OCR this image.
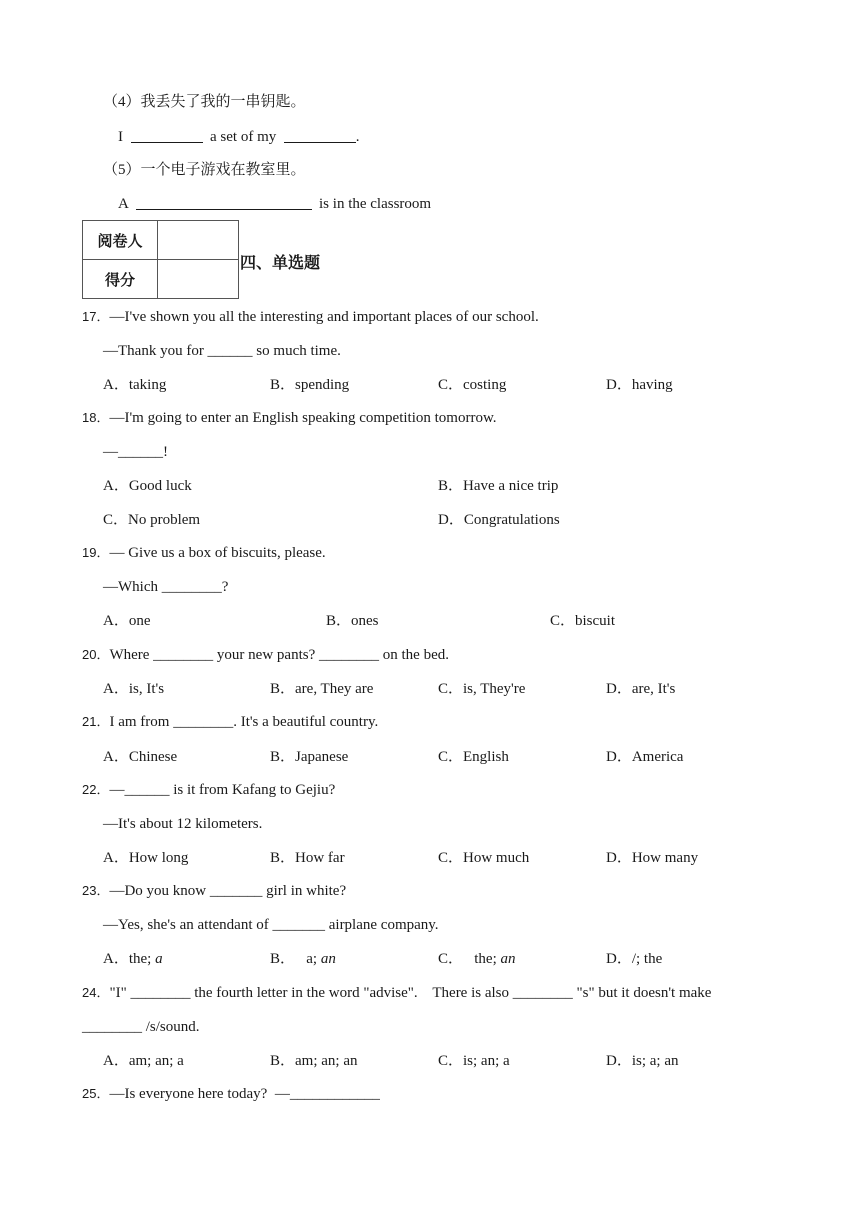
（4）我丢失了我的一串钥匙。
I	a set of my	.
（5）一个电子游戏在教室里。
A	is in the classroom
阅卷人	
得分	
四、单选题
17．—I've shown you all the interesting and important places of our school.
—Thank you for ______ so much time.
A．taking	B．spending	C．costing	D．having
18．—I'm going to enter an English speaking competition tomorrow.
—______!
A．Good luck	B．Have a nice trip
C．No problem	D．Congratulations
19．— Give us a box of biscuits, please.
—Which ________?
A．one	B．ones	C．biscuit
20．Where ________ your new pants? ________ on the bed.
A．is, It's	B．are, They are	C．is, They're	D．are, It's
21．I am from ________. It's a beautiful country.
A．Chinese	B．Japanese	C．English	D．America
22．—______ is it from Kafang to Gejiu?
—It's about 12 kilometers.
A．How long	B．How far	C．How much	D．How many
23．—Do you know _______ girl in white?
—Yes, she's an attendant of _______ airplane company.
A．the; a	B．   a; an	C．   the; an	D．/; the
24．"I" ________ the fourth letter in the word "advise".    There is also ________ "s" but it doesn't make
________ /s/sound.
A．am; an; a	B．am; an; an	C．is; an; a	D．is; a; an
25．—Is everyone here today?  —____________
